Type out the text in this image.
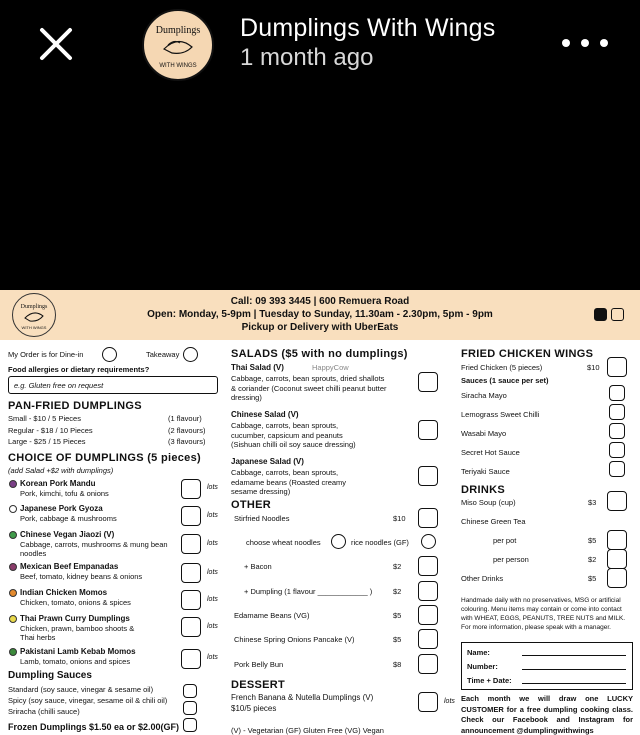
Dumplings
WITH WINGS
Dumplings With Wings
1 month ago
Dumplings
WITH WINGS
Call: 09 393 3445 | 600 Remuera Road
Open: Monday, 5-9pm | Tuesday to Sunday, 11.30am - 2.30pm, 5pm - 9pm
Pickup or Delivery with UberEats
My Order is for Dine-in	Takeaway
Food allergies or dietary requirements?
e.g. Gluten free on request
PAN-FRIED DUMPLINGS
Small - $10 / 5 Pieces	(1 flavour)
Regular - $18 / 10 Pieces	(2 flavours)
Large - $25 / 15 Pieces	(3 flavours)
CHOICE OF DUMPLINGS (5 pieces)
(add Salad +$2 with dumplings)
Korean Pork Mandu
Pork, kimchi, tofu & onions
lots
Japanese Pork Gyoza
Pork, cabbage & mushrooms	lots
Chinese Vegan Jiaozi (V)
Cabbage, carrots, mushrooms & mung bean noodles
lots
Mexican Beef Empanadas
Beef, tomato, kidney beans & onions	lots
Indian Chicken Momos
Chicken, tomato, onions & spices	lots
Thai Prawn Curry Dumplings
Chicken, prawn, bamboo shoots & Thai herbs
lots
Pakistani Lamb Kebab Momos
Lamb, tomato, onions and spices	lots
Dumpling Sauces
Standard (soy sauce, vinegar & sesame oil)
Spicy (soy sauce, vinegar, sesame oil & chili oil)
Sriracha (chilli sauce)
Frozen Dumplings $1.50 ea or $2.00(GF)
SALADS ($5 with no dumplings)
Thai Salad (V)	HappyCow
Cabbage, carrots, bean sprouts, dried shallots & coriander (Coconut sweet chilli peanut butter dressing)
Chinese Salad (V)
Cabbage, carrots, bean sprouts, cucumber, capsicum and peanuts (Sishuan chilli oil soy sauce dressing)
Japanese Salad (V)
Cabbage, carrots, bean sprouts, edamame beans (Roasted creamy sesame dressing)
OTHER
Stirfried Noodles	$10
choose wheat noodles	rice noodles (GF)
+ Bacon	$2
+ Dumpling (1 flavour ____________ )	$2
Edamame Beans (VG)	$5
Chinese Spring Onions Pancake (V)	$5
Pork Belly Bun	$8
DESSERT
French Banana & Nutella Dumplings (V)
$10/5 pieces
lots
(V) - Vegetarian (GF) Gluten Free (VG) Vegan
FRIED CHICKEN WINGS
Fried Chicken (5 pieces)	$10
Sauces (1 sauce per set)
Siracha Mayo
Lemograss Sweet Chilli
Wasabi Mayo
Secret Hot Sauce
Teriyaki Sauce
DRINKS
Miso Soup (cup)	$3
Chinese Green Tea
per pot	$5
per person	$2
Other Drinks	$5
Handmade daily with no preservatives, MSG or artificial colouring. Menu items may contain or come into contact with WHEAT, EGGS, PEANUTS, TREE NUTS and MILK. For more information, please speak with a manager.
Name:
Number:
Time + Date:
Each month we will draw one LUCKY CUSTOMER for a free dumpling cooking class. Check our Facebook and Instagram for announcement @dumplingwithwings
